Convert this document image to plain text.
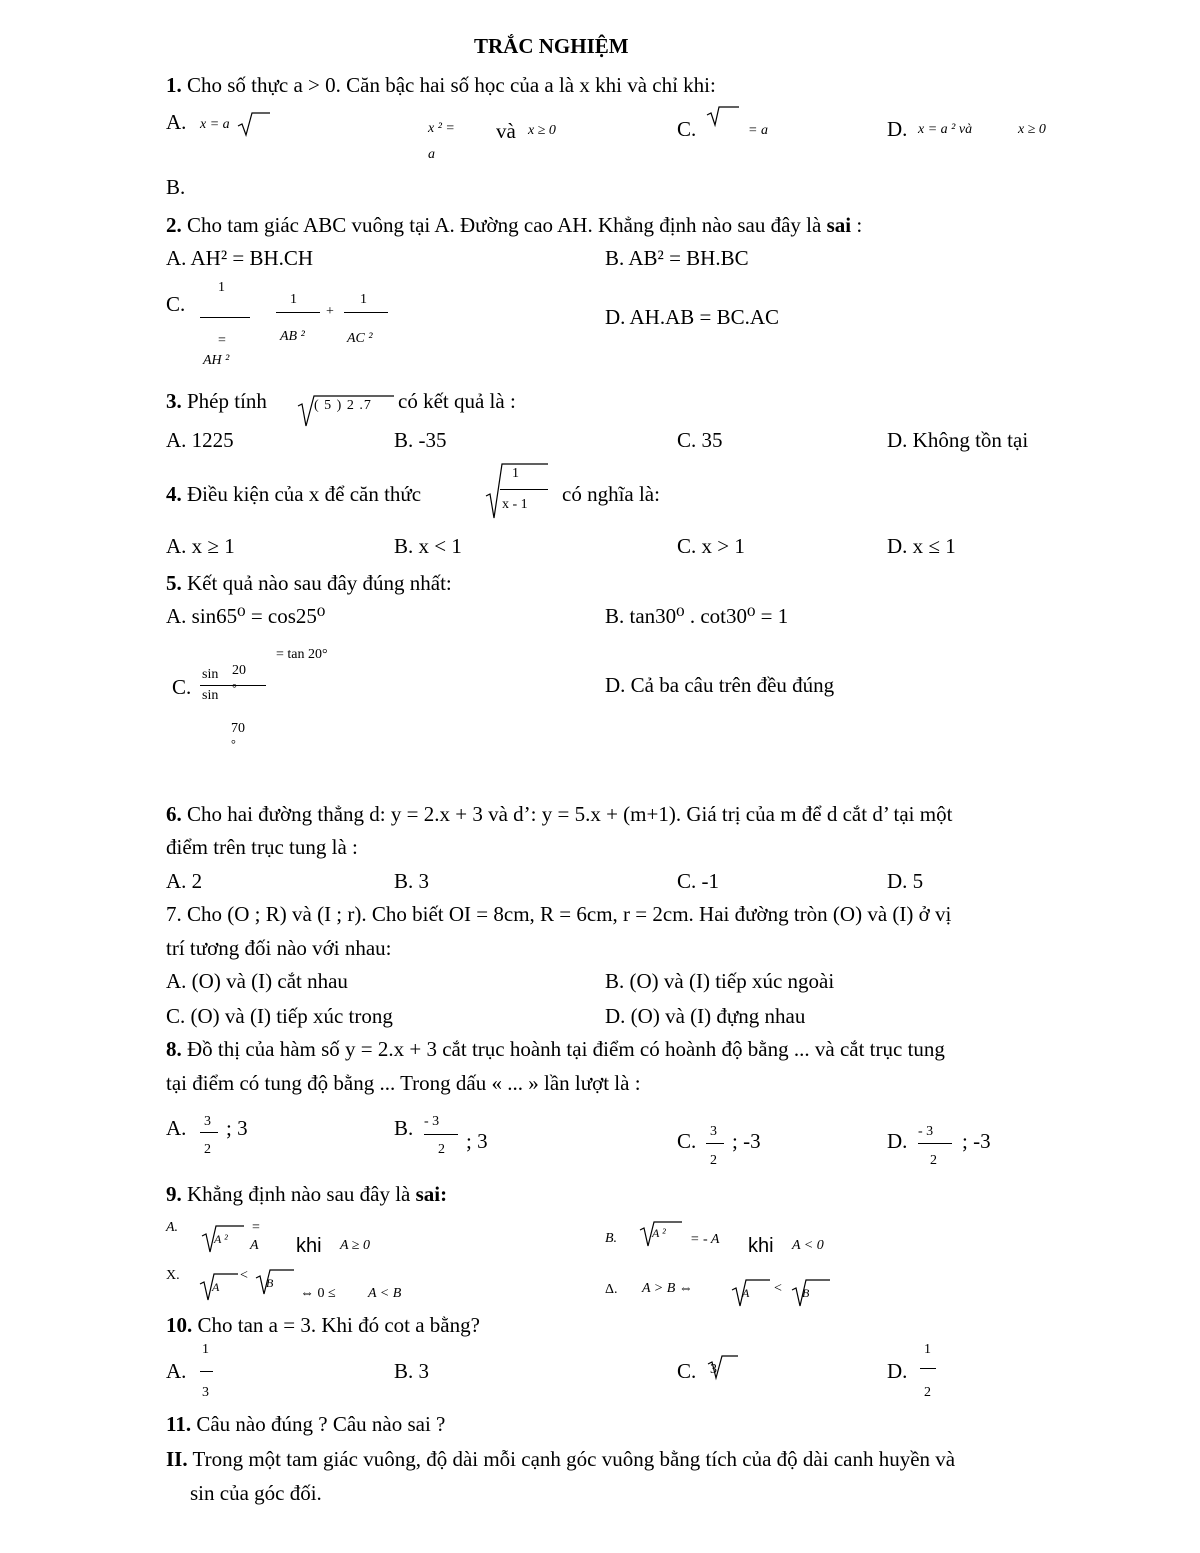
TRẮC NGHIỆM
1. Cho số thực a > 0. Căn bậc hai số học của a là x khi và chỉ khi:
A. x = a	x ² = và x ≥ 0
a
C.	= a	D. x = a ² và	x ≥ 0
B.
2. Cho tam giác ABC vuông tại A. Đường cao AH. Khẳng định nào sau đây là sai :
A. AH² = BH.CH	B. AB² = BH.BC
C.
1
=
AH ²
1
AB ²
+
1
AC ²
D. AH.AB = BC.AC
3. Phép tính	( 5 ) 2 .7 có kết quả là :
A. 1225	B. -35	C. 35	D. Không tồn tại
4. Điều kiện của x để căn thức
1
x - 1 có nghĩa là:
A. x ≥ 1	B. x < 1	C. x > 1	D. x ≤ 1
5. Kết quả nào sau đây đúng nhất:
A. sin65⁰ = cos25⁰	B. tan30⁰ . cot30⁰ = 1
C.
sin 20
sin °
= tan 20°
70
°
D. Cả ba câu trên đều đúng
6. Cho hai đường thẳng d: y = 2.x + 3 và d’: y = 5.x + (m+1). Giá trị của m để d cắt d’ tại một
điểm trên trục tung là :
A. 2	B. 3	C. -1	D. 5
7. Cho (O ; R) và (I ; r). Cho biết OI = 8cm, R = 6cm, r = 2cm. Hai đường tròn (O) và (I) ở vị
trí tương đối nào với nhau:
A. (O) và (I) cắt nhau	B. (O) và (I) tiếp xúc ngoài
C. (O) và (I) tiếp xúc trong	D. (O) và (I) đựng nhau
8. Đồ thị của hàm số y = 2.x + 3 cắt trục hoành tại điểm có hoành độ bằng ... và cắt trục tung
tại điểm có tung độ bằng ... Trong dấu « ... » lần lượt là :
A. 3
2
; 3	B. - 3
2 ; 3	C. 3
2
; -3	D. - 3
2
; -3
9. Khẳng định nào sau đây là sai:
A.
A ²
=
A khi A ≥ 0	B.	A ² = - A khi A < 0
X.
A
< B
⇔ 0 ≤ A < B	Δ. A > B ⇔	A < B
10. Cho tan a = 3. Khi đó cot a bằng?
A.
1
3
B. 3	C. 3	D.
1
2
11. Câu nào đúng ? Câu nào sai ?
II. Trong một tam giác vuông, độ dài mỗi cạnh góc vuông bằng tích của độ dài canh huyền và
sin của góc đối.
